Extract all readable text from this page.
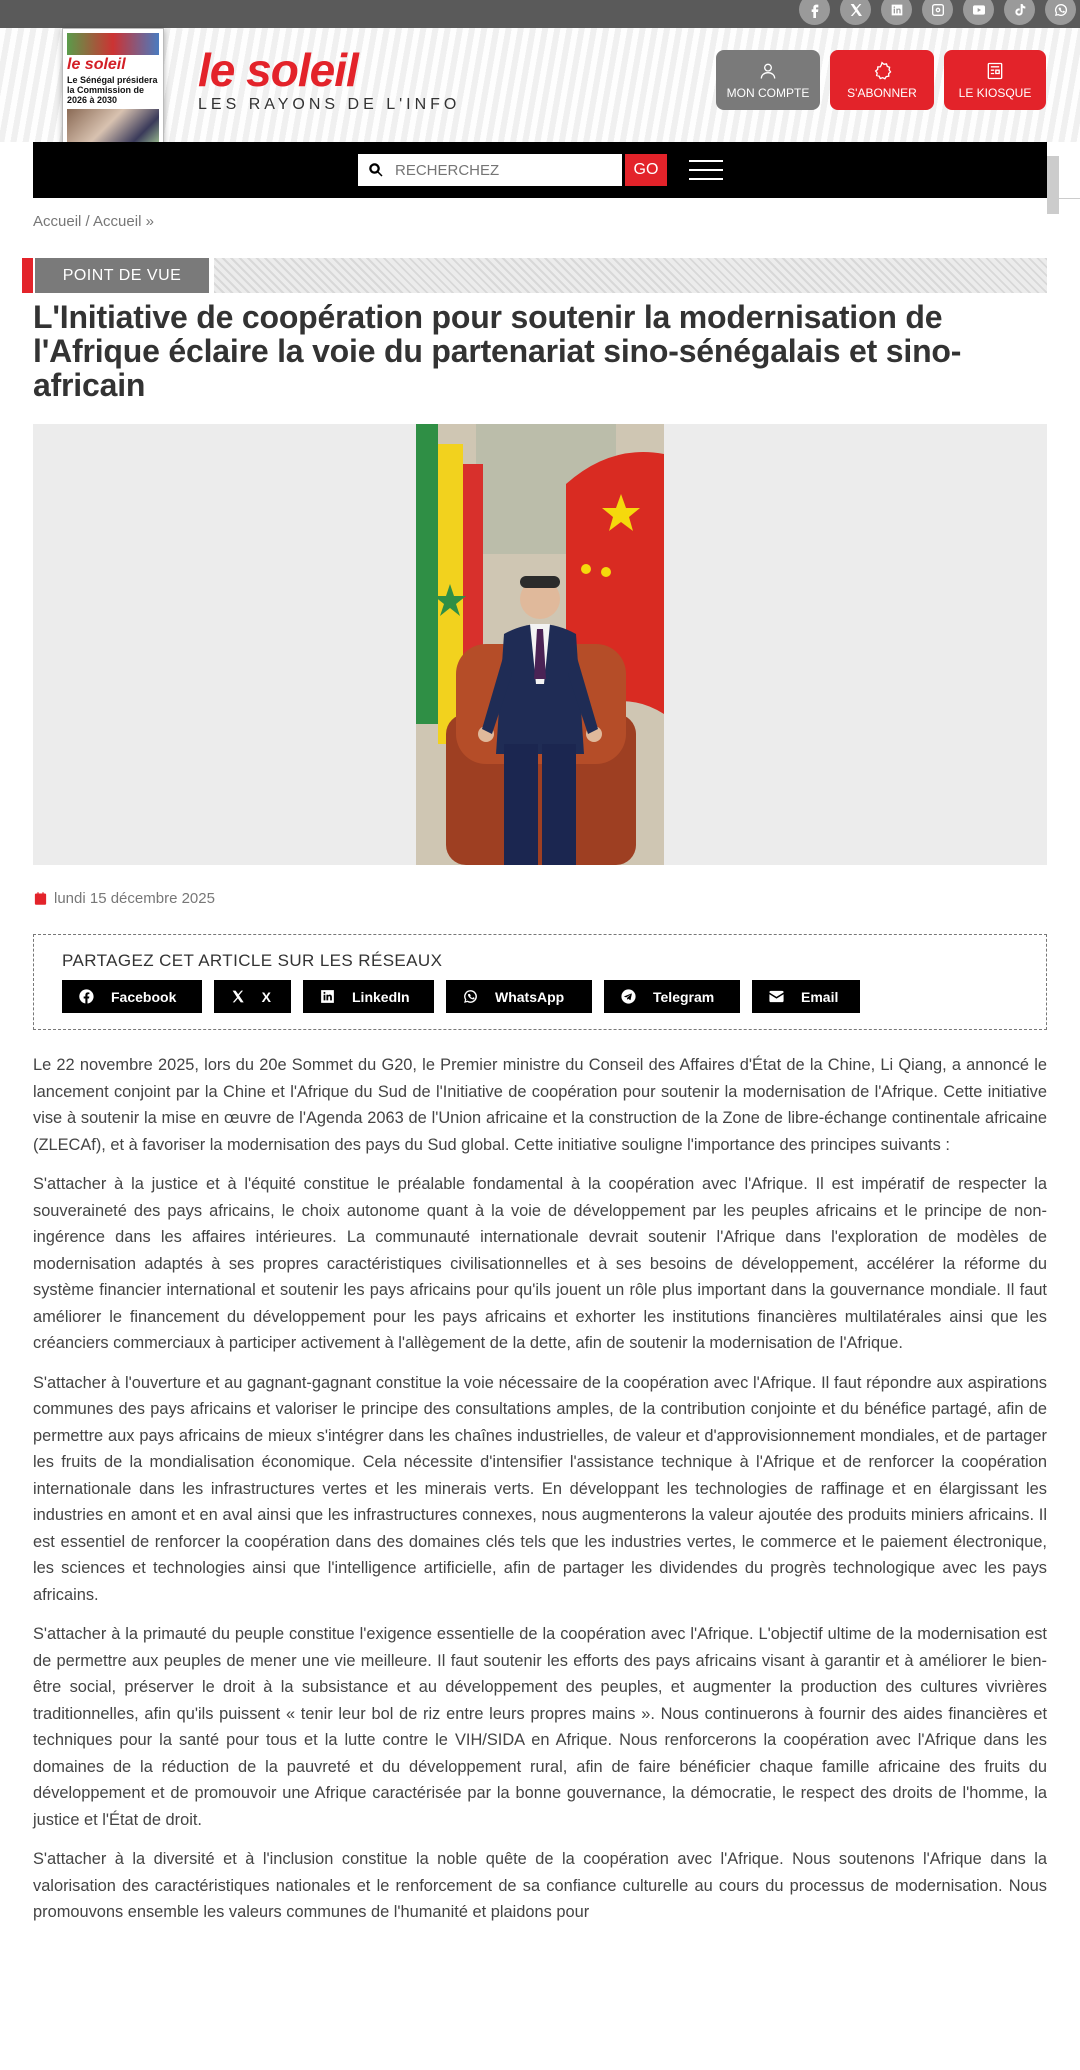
le soleil
Le Sénégal présidera la Commission de 2026 à 2030
le soleil
LES RAYONS DE L'INFO
MON COMPTE	S'ABONNER	LE KIOSQUE
RECHERCHEZ
GO
Accueil / Accueil »
POINT DE VUE
L'Initiative de coopération pour soutenir la modernisation de l'Afrique éclaire la voie du partenariat sino-sénégalais et sino-africain
lundi 15 décembre 2025
PARTAGEZ CET ARTICLE SUR LES RÉSEAUX
Facebook	X	LinkedIn	WhatsApp	Telegram	Email

Le 22 novembre 2025, lors du 20e Sommet du G20, le Premier ministre du Conseil des Affaires d'État de la Chine, Li Qiang, a annoncé le lancement conjoint par la Chine et l'Afrique du Sud de l'Initiative de coopération pour soutenir la modernisation de l'Afrique. Cette initiative vise à soutenir la mise en œuvre de l'Agenda 2063 de l'Union africaine et la construction de la Zone de libre-échange continentale africaine (ZLECAf), et à favoriser la modernisation des pays du Sud global. Cette initiative souligne l'importance des principes suivants :

S'attacher à la justice et à l'équité constitue le préalable fondamental à la coopération avec l'Afrique. Il est impératif de respecter la souveraineté des pays africains, le choix autonome quant à la voie de développement par les peuples africains et le principe de non-ingérence dans les affaires intérieures. La communauté internationale devrait soutenir l'Afrique dans l'exploration de modèles de modernisation adaptés à ses propres caractéristiques civilisationnelles et à ses besoins de développement, accélérer la réforme du système financier international et soutenir les pays africains pour qu'ils jouent un rôle plus important dans la gouvernance mondiale. Il faut améliorer le financement du développement pour les pays africains et exhorter les institutions financières multilatérales ainsi que les créanciers commerciaux à participer activement à l'allègement de la dette, afin de soutenir la modernisation de l'Afrique.

S'attacher à l'ouverture et au gagnant-gagnant constitue la voie nécessaire de la coopération avec l'Afrique. Il faut répondre aux aspirations communes des pays africains et valoriser le principe des consultations amples, de la contribution conjointe et du bénéfice partagé, afin de permettre aux pays africains de mieux s'intégrer dans les chaînes industrielles, de valeur et d'approvisionnement mondiales, et de partager les fruits de la mondialisation économique. Cela nécessite d'intensifier l'assistance technique à l'Afrique et de renforcer la coopération internationale dans les infrastructures vertes et les minerais verts. En développant les technologies de raffinage et en élargissant les industries en amont et en aval ainsi que les infrastructures connexes, nous augmenterons la valeur ajoutée des produits miniers africains. Il est essentiel de renforcer la coopération dans des domaines clés tels que les industries vertes, le commerce et le paiement électronique, les sciences et technologies ainsi que l'intelligence artificielle, afin de partager les dividendes du progrès technologique avec les pays africains.

S'attacher à la primauté du peuple constitue l'exigence essentielle de la coopération avec l'Afrique. L'objectif ultime de la modernisation est de permettre aux peuples de mener une vie meilleure. Il faut soutenir les efforts des pays africains visant à garantir et à améliorer le bien-être social, préserver le droit à la subsistance et au développement des peuples, et augmenter la production des cultures vivrières traditionnelles, afin qu'ils puissent « tenir leur bol de riz entre leurs propres mains ». Nous continuerons à fournir des aides financières et techniques pour la santé pour tous et la lutte contre le VIH/SIDA en Afrique. Nous renforcerons la coopération avec l'Afrique dans les domaines de la réduction de la pauvreté et du développement rural, afin de faire bénéficier chaque famille africaine des fruits du développement et de promouvoir une Afrique caractérisée par la bonne gouvernance, la démocratie, le respect des droits de l'homme, la justice et l'État de droit.

S'attacher à la diversité et à l'inclusion constitue la noble quête de la coopération avec l'Afrique. Nous soutenons l'Afrique dans la valorisation des caractéristiques nationales et le renforcement de sa confiance culturelle au cours du processus de modernisation. Nous promouvons ensemble les valeurs communes de l'humanité et plaidons pour
